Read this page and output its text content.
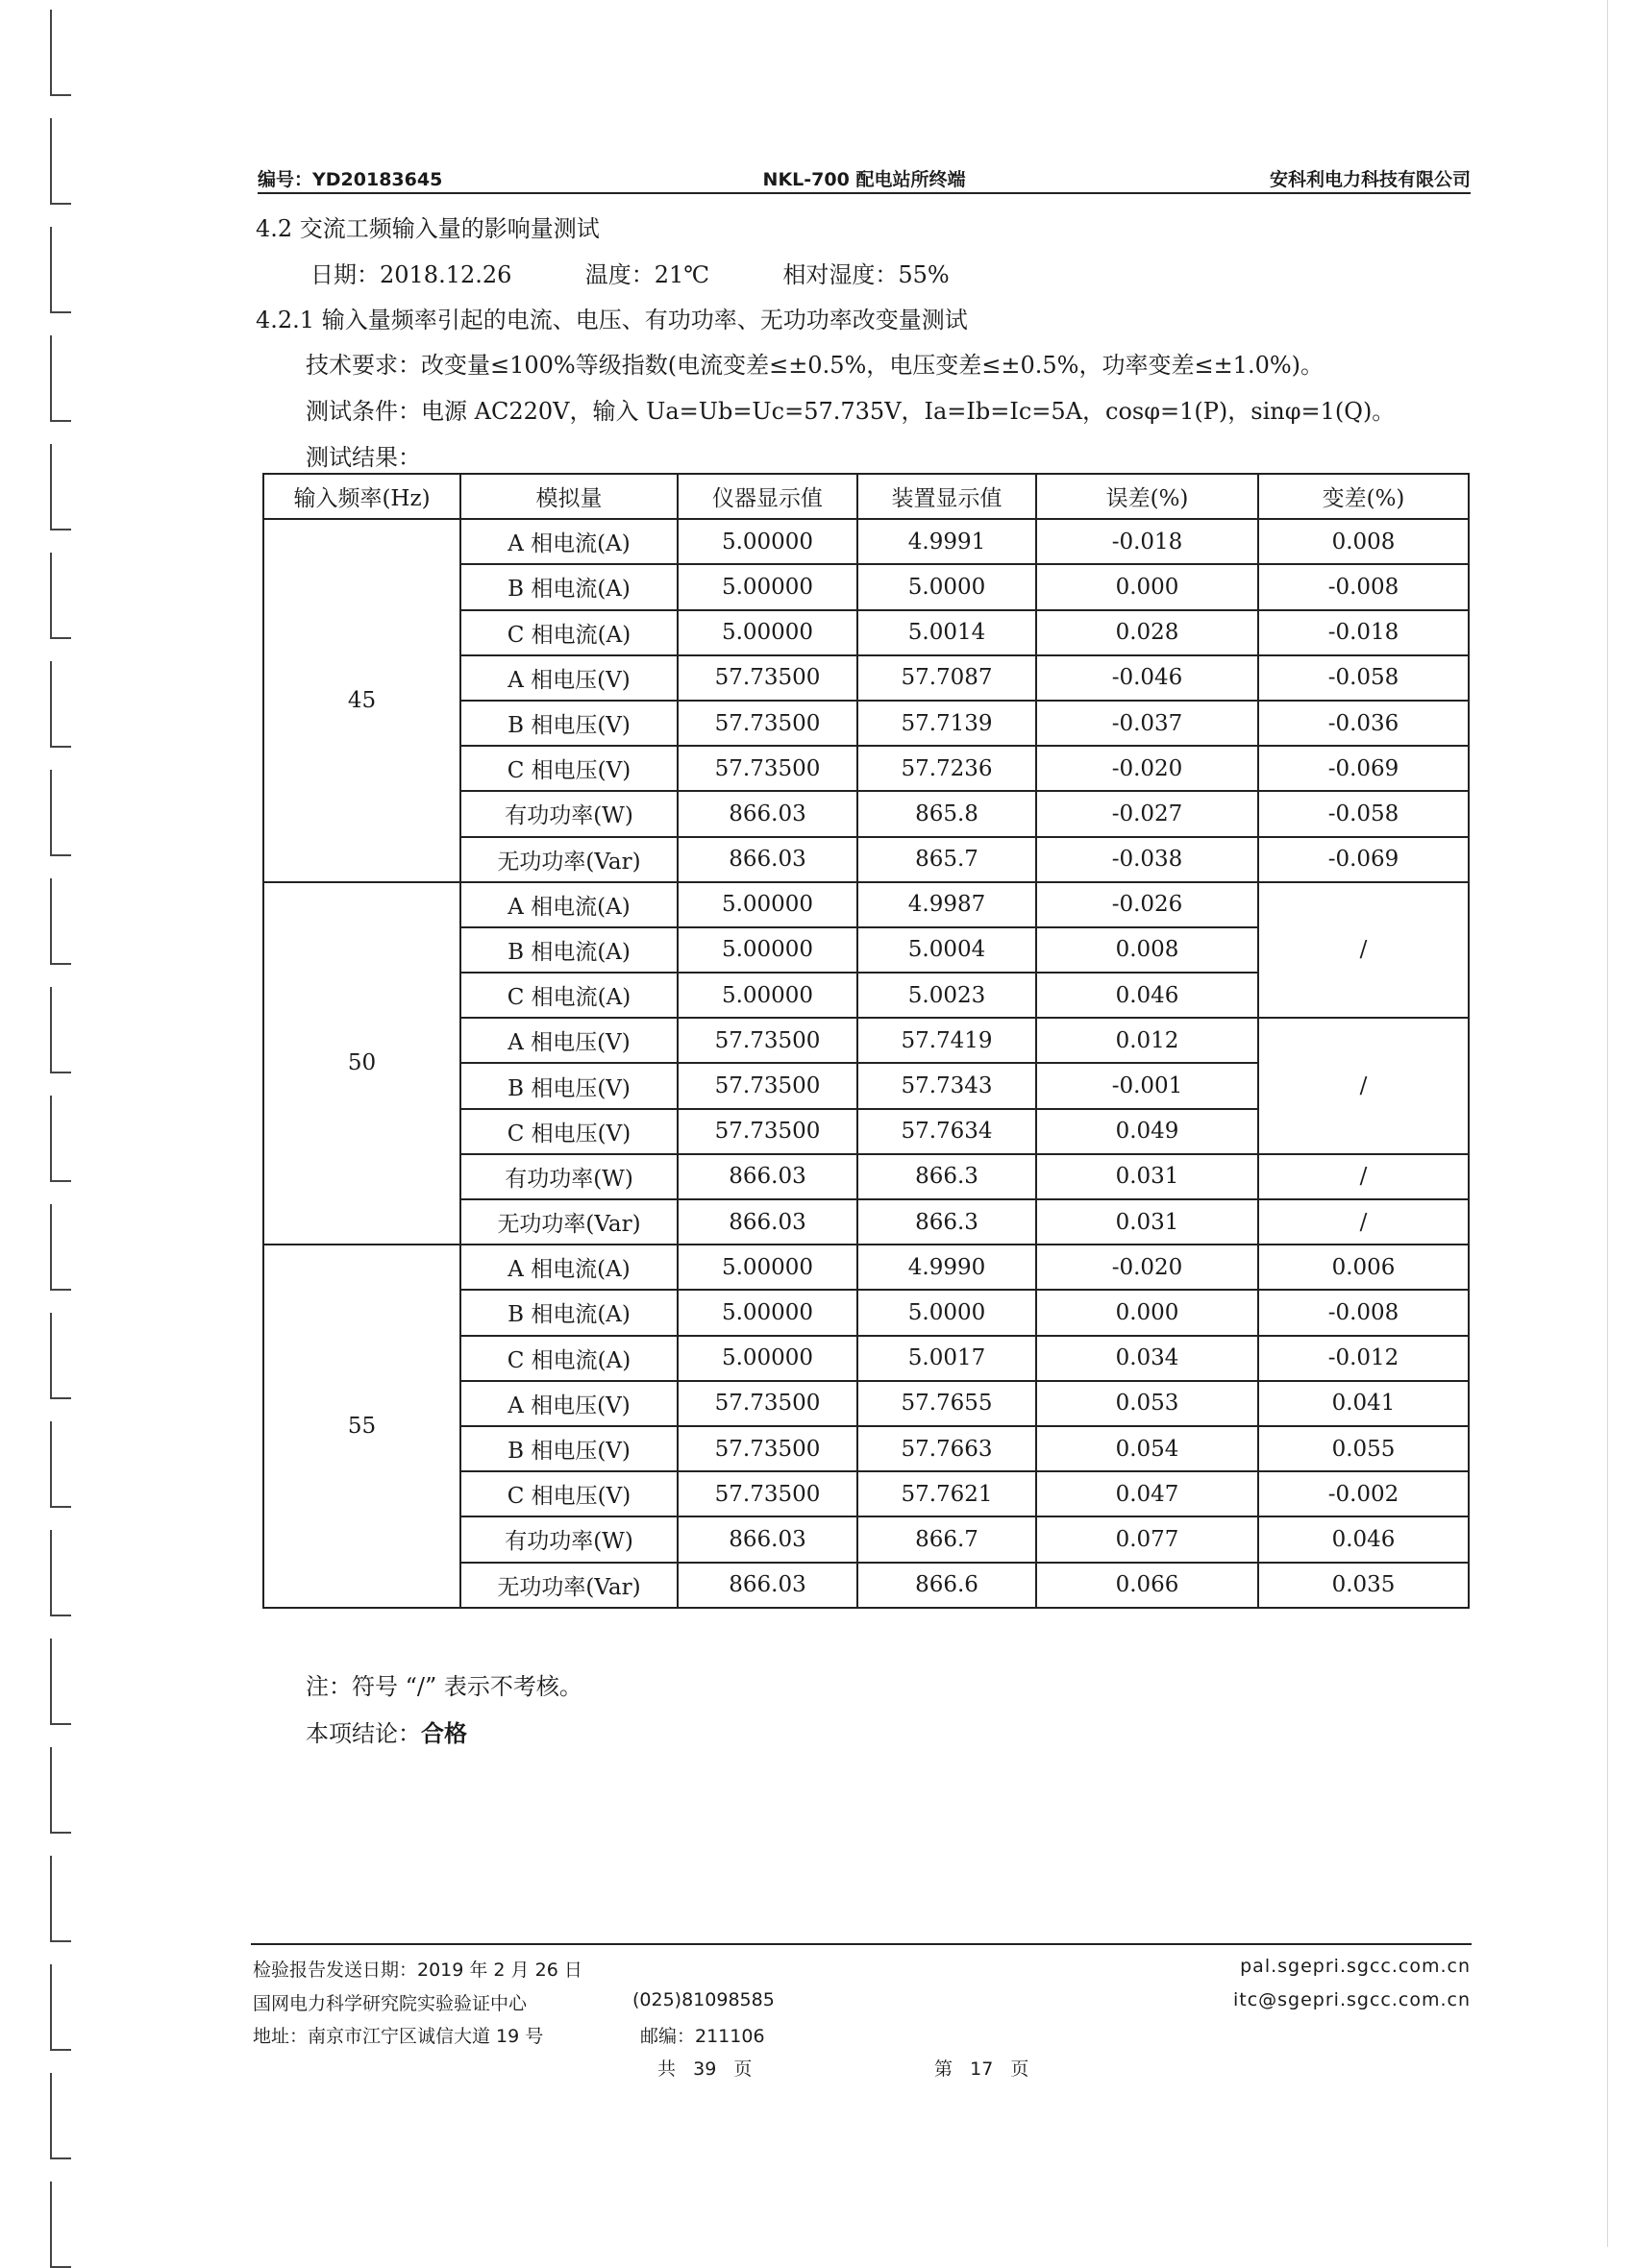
编号：YD20183645	NKL-700 配电站所终端	安科利电力科技有限公司
4.2 交流工频输入量的影响量测试
日期：2018.12.26          温度：21℃          相对湿度：55%
4.2.1 输入量频率引起的电流、电压、有功功率、无功功率改变量测试
技术要求：改变量≤100%等级指数(电流变差≤±0.5%，电压变差≤±0.5%，功率变差≤±1.0%)。
测试条件：电源 AC220V，输入 Ua=Ub=Uc=57.735V，Ia=Ib=Ic=5A，cosφ=1(P)，sinφ=1(Q)。
测试结果：
输入频率(Hz)	模拟量	仪器显示值	装置显示值	误差(%)	变差(%)
45	A 相电流(A)	5.00000	4.9991	-0.018	0.008
	B 相电流(A)	5.00000	5.0000	0.000	-0.008
	C 相电流(A)	5.00000	5.0014	0.028	-0.018
	A 相电压(V)	57.73500	57.7087	-0.046	-0.058
	B 相电压(V)	57.73500	57.7139	-0.037	-0.036
	C 相电压(V)	57.73500	57.7236	-0.020	-0.069
	有功功率(W)	866.03	865.8	-0.027	-0.058
	无功功率(Var)	866.03	865.7	-0.038	-0.069
50	A 相电流(A)	5.00000	4.9987	-0.026	/
	B 相电流(A)	5.00000	5.0004	0.008	
	C 相电流(A)	5.00000	5.0023	0.046	
	A 相电压(V)	57.73500	57.7419	0.012	/
	B 相电压(V)	57.73500	57.7343	-0.001	
	C 相电压(V)	57.73500	57.7634	0.049	
	有功功率(W)	866.03	866.3	0.031	/
	无功功率(Var)	866.03	866.3	0.031	/
55	A 相电流(A)	5.00000	4.9990	-0.020	0.006
	B 相电流(A)	5.00000	5.0000	0.000	-0.008
	C 相电流(A)	5.00000	5.0017	0.034	-0.012
	A 相电压(V)	57.73500	57.7655	0.053	0.041
	B 相电压(V)	57.73500	57.7663	0.054	0.055
	C 相电压(V)	57.73500	57.7621	0.047	-0.002
	有功功率(W)	866.03	866.7	0.077	0.046
	无功功率(Var)	866.03	866.6	0.066	0.035
注：符号 “/” 表示不考核。
本项结论：合格
检验报告发送日期：2019 年 2 月 26 日
国网电力科学研究院实验验证中心	(025)81098585
地址：南京市江宁区诚信大道 19 号	邮编：211106
共   39   页	第   17   页
pal.sgepri.sgcc.com.cn
itc@sgepri.sgcc.com.cn
